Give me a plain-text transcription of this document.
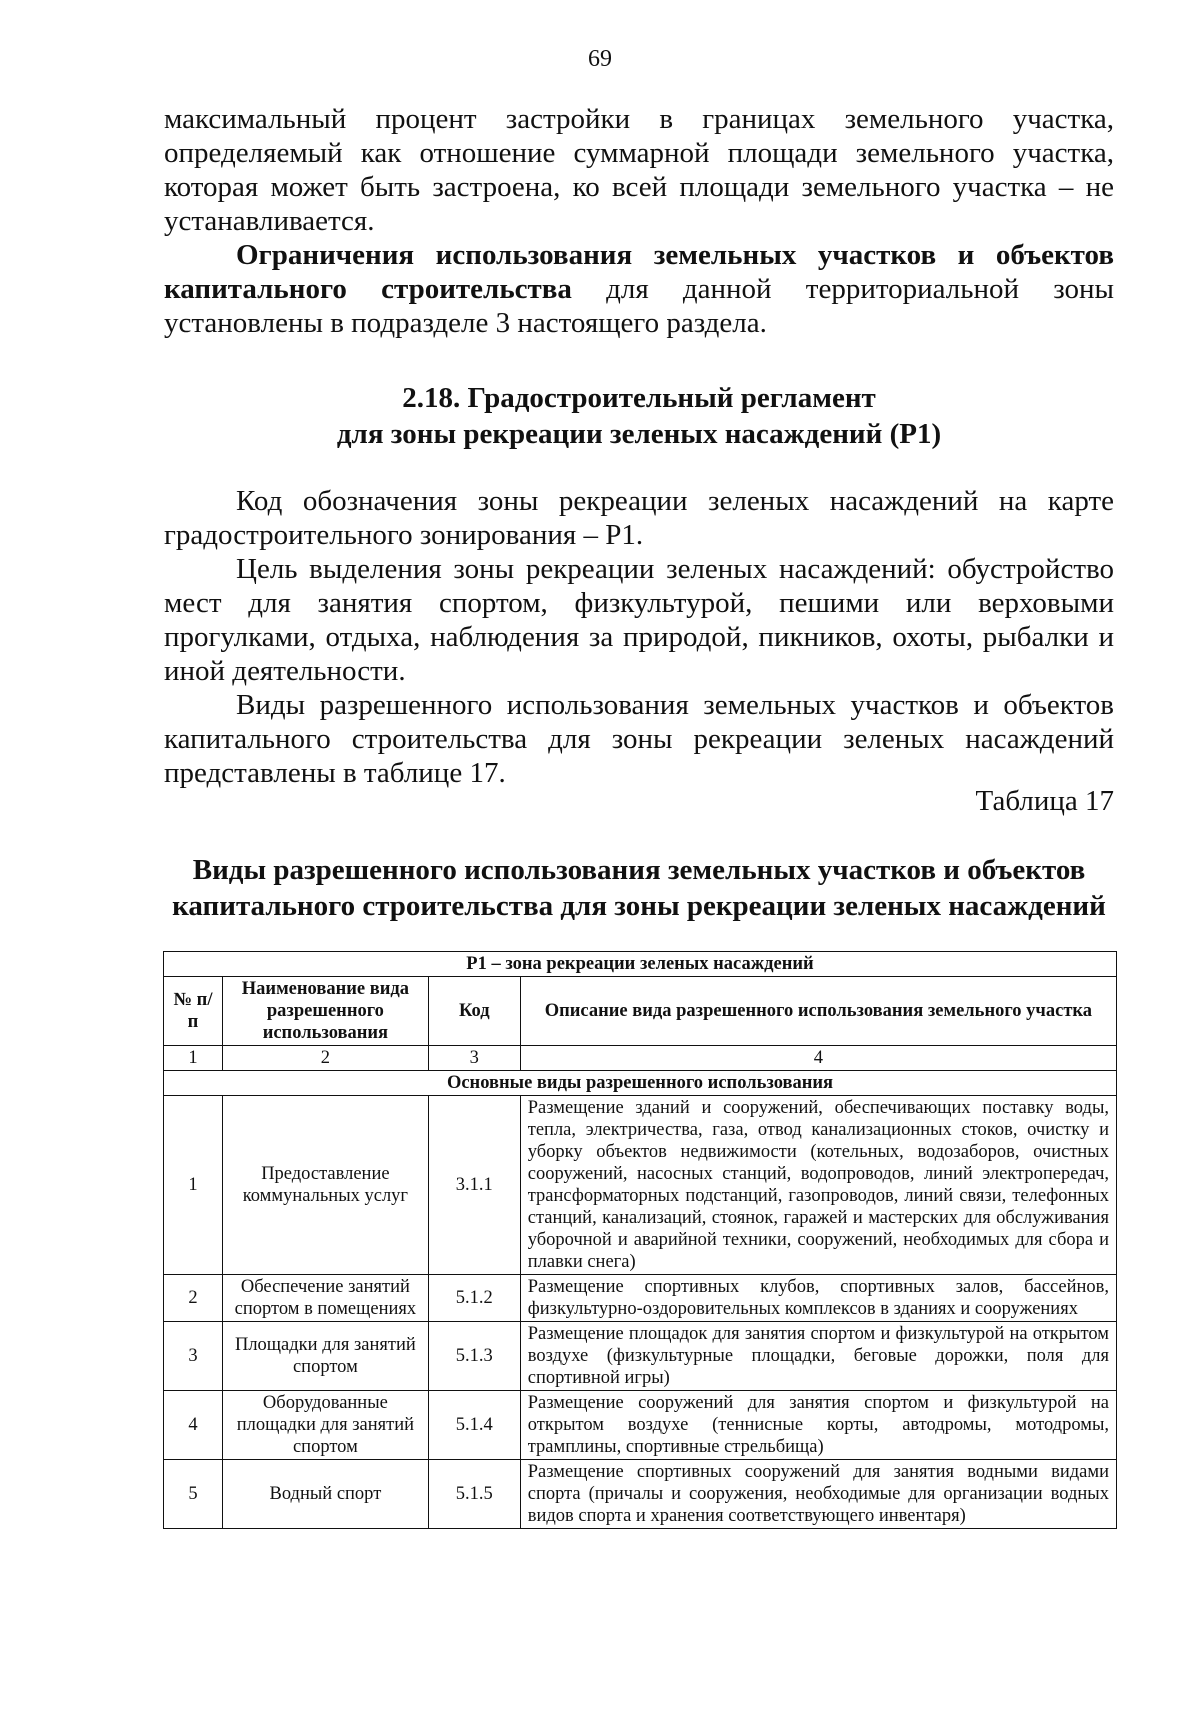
69

максимальный процент застройки в границах земельного участка, определяемый как отношение суммарной площади земельного участка, которая может быть застроена, ко всей площади земельного участка – не устанавливается.

Ограничения использования земельных участков и объектов капитального строительства для данной территориальной зоны установлены в подразделе 3 настоящего раздела.

2.18. Градостроительный регламент
для зоны рекреации зеленых насаждений (Р1)

Код обозначения зоны рекреации зеленых насаждений на карте градостроительного зонирования – Р1.

Цель выделения зоны рекреации зеленых насаждений: обустройство мест для занятия спортом, физкультурой, пешими или верховыми прогулками, отдыха, наблюдения за природой, пикников, охоты, рыбалки и иной деятельности.

Виды разрешенного использования земельных участков и объектов капитального строительства для зоны рекреации зеленых насаждений представлены в таблице 17.

Таблица 17
Виды разрешенного использования земельных участков и объектов
капитального строительства для зоны рекреации зеленых насаждений
Р1 – зона рекреации зеленых насаждений			
№ п/п	Наименование вида разрешенного использования	Код	Описание вида разрешенного использования земельного участка
1	2	3	4
Основные виды разрешенного использования			
1	Предоставление коммунальных услуг	3.1.1	Размещение зданий и сооружений, обеспечивающих поставку воды, тепла, электричества, газа, отвод канализационных стоков, очистку и уборку объектов недвижимости (котельных, водозаборов, очистных сооружений, насосных станций, водопроводов, линий электропередач, трансформаторных подстанций, газопроводов, линий связи, телефонных станций, канализаций, стоянок, гаражей и мастерских для обслуживания уборочной и аварийной техники, сооружений, необходимых для сбора и плавки снега)
2	Обеспечение занятий спортом в помещениях	5.1.2	Размещение спортивных клубов, спортивных залов, бассейнов, физкультурно-оздоровительных комплексов в зданиях и сооружениях
3	Площадки для занятий спортом	5.1.3	Размещение площадок для занятия спортом и физкультурой на открытом воздухе (физкультурные площадки, беговые дорожки, поля для спортивной игры)
4	Оборудованные площадки для занятий спортом	5.1.4	Размещение сооружений для занятия спортом и физкультурой на открытом воздухе (теннисные корты, автодромы, мотодромы, трамплины, спортивные стрельбища)
5	Водный спорт	5.1.5	Размещение спортивных сооружений для занятия водными видами спорта (причалы и сооружения, необходимые для организации водных видов спорта и хранения соответствующего инвентаря)
